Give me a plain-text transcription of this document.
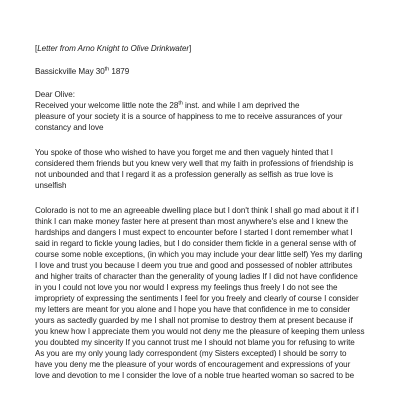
[Letter from Arno Knight to Olive Drinkwater]

Bassickville May 30th 1879

Dear Olive:

Received your welcome little note the 28th inst. and while I am deprived the
pleasure of your society it is a source of happiness to me to receive assurances of your constancy and love

You spoke of those who wished to have you forget me and then vaguely hinted that I considered them friends but you knew very well that my faith in professions of friendship is not unbounded and that I regard it as a profession generally as selfish as true love is unselfish

Colorado is not to me an agreeable dwelling place but I don't think I shall go mad about it if I think I can make money faster here at present than most anywhere's else and I knew the hardships and dangers I must expect to encounter before I started I dont remember what I said in regard to fickle young ladies, but I do consider them fickle in a general sense with of course some noble exceptions, (in which you may include your dear little self) Yes my darling I love and trust you because I deem you true and good and possessed of nobler attributes and higher traits of character than the generality of young ladies If I did not have confidence in you I could not love you nor would I express my feelings thus freely I do not see the impropriety of expressing the sentiments I feel for you freely and clearly of course I consider my letters are meant for you alone and I hope you have that confidence in me to consider yours as sactedly guarded by me I shall not promise to destroy them at present because if you knew how I appreciate them you would not deny me the pleasure of keeping them unless you doubted my sincerity If you cannot trust me I should not blame you for refusing to write As you are my only young lady correspondent (my Sisters excepted) I should be sorry to have you deny me the pleasure of your words of encouragement and expressions of your love and devotion to me I consider the love of a noble true hearted woman so sacred to be
